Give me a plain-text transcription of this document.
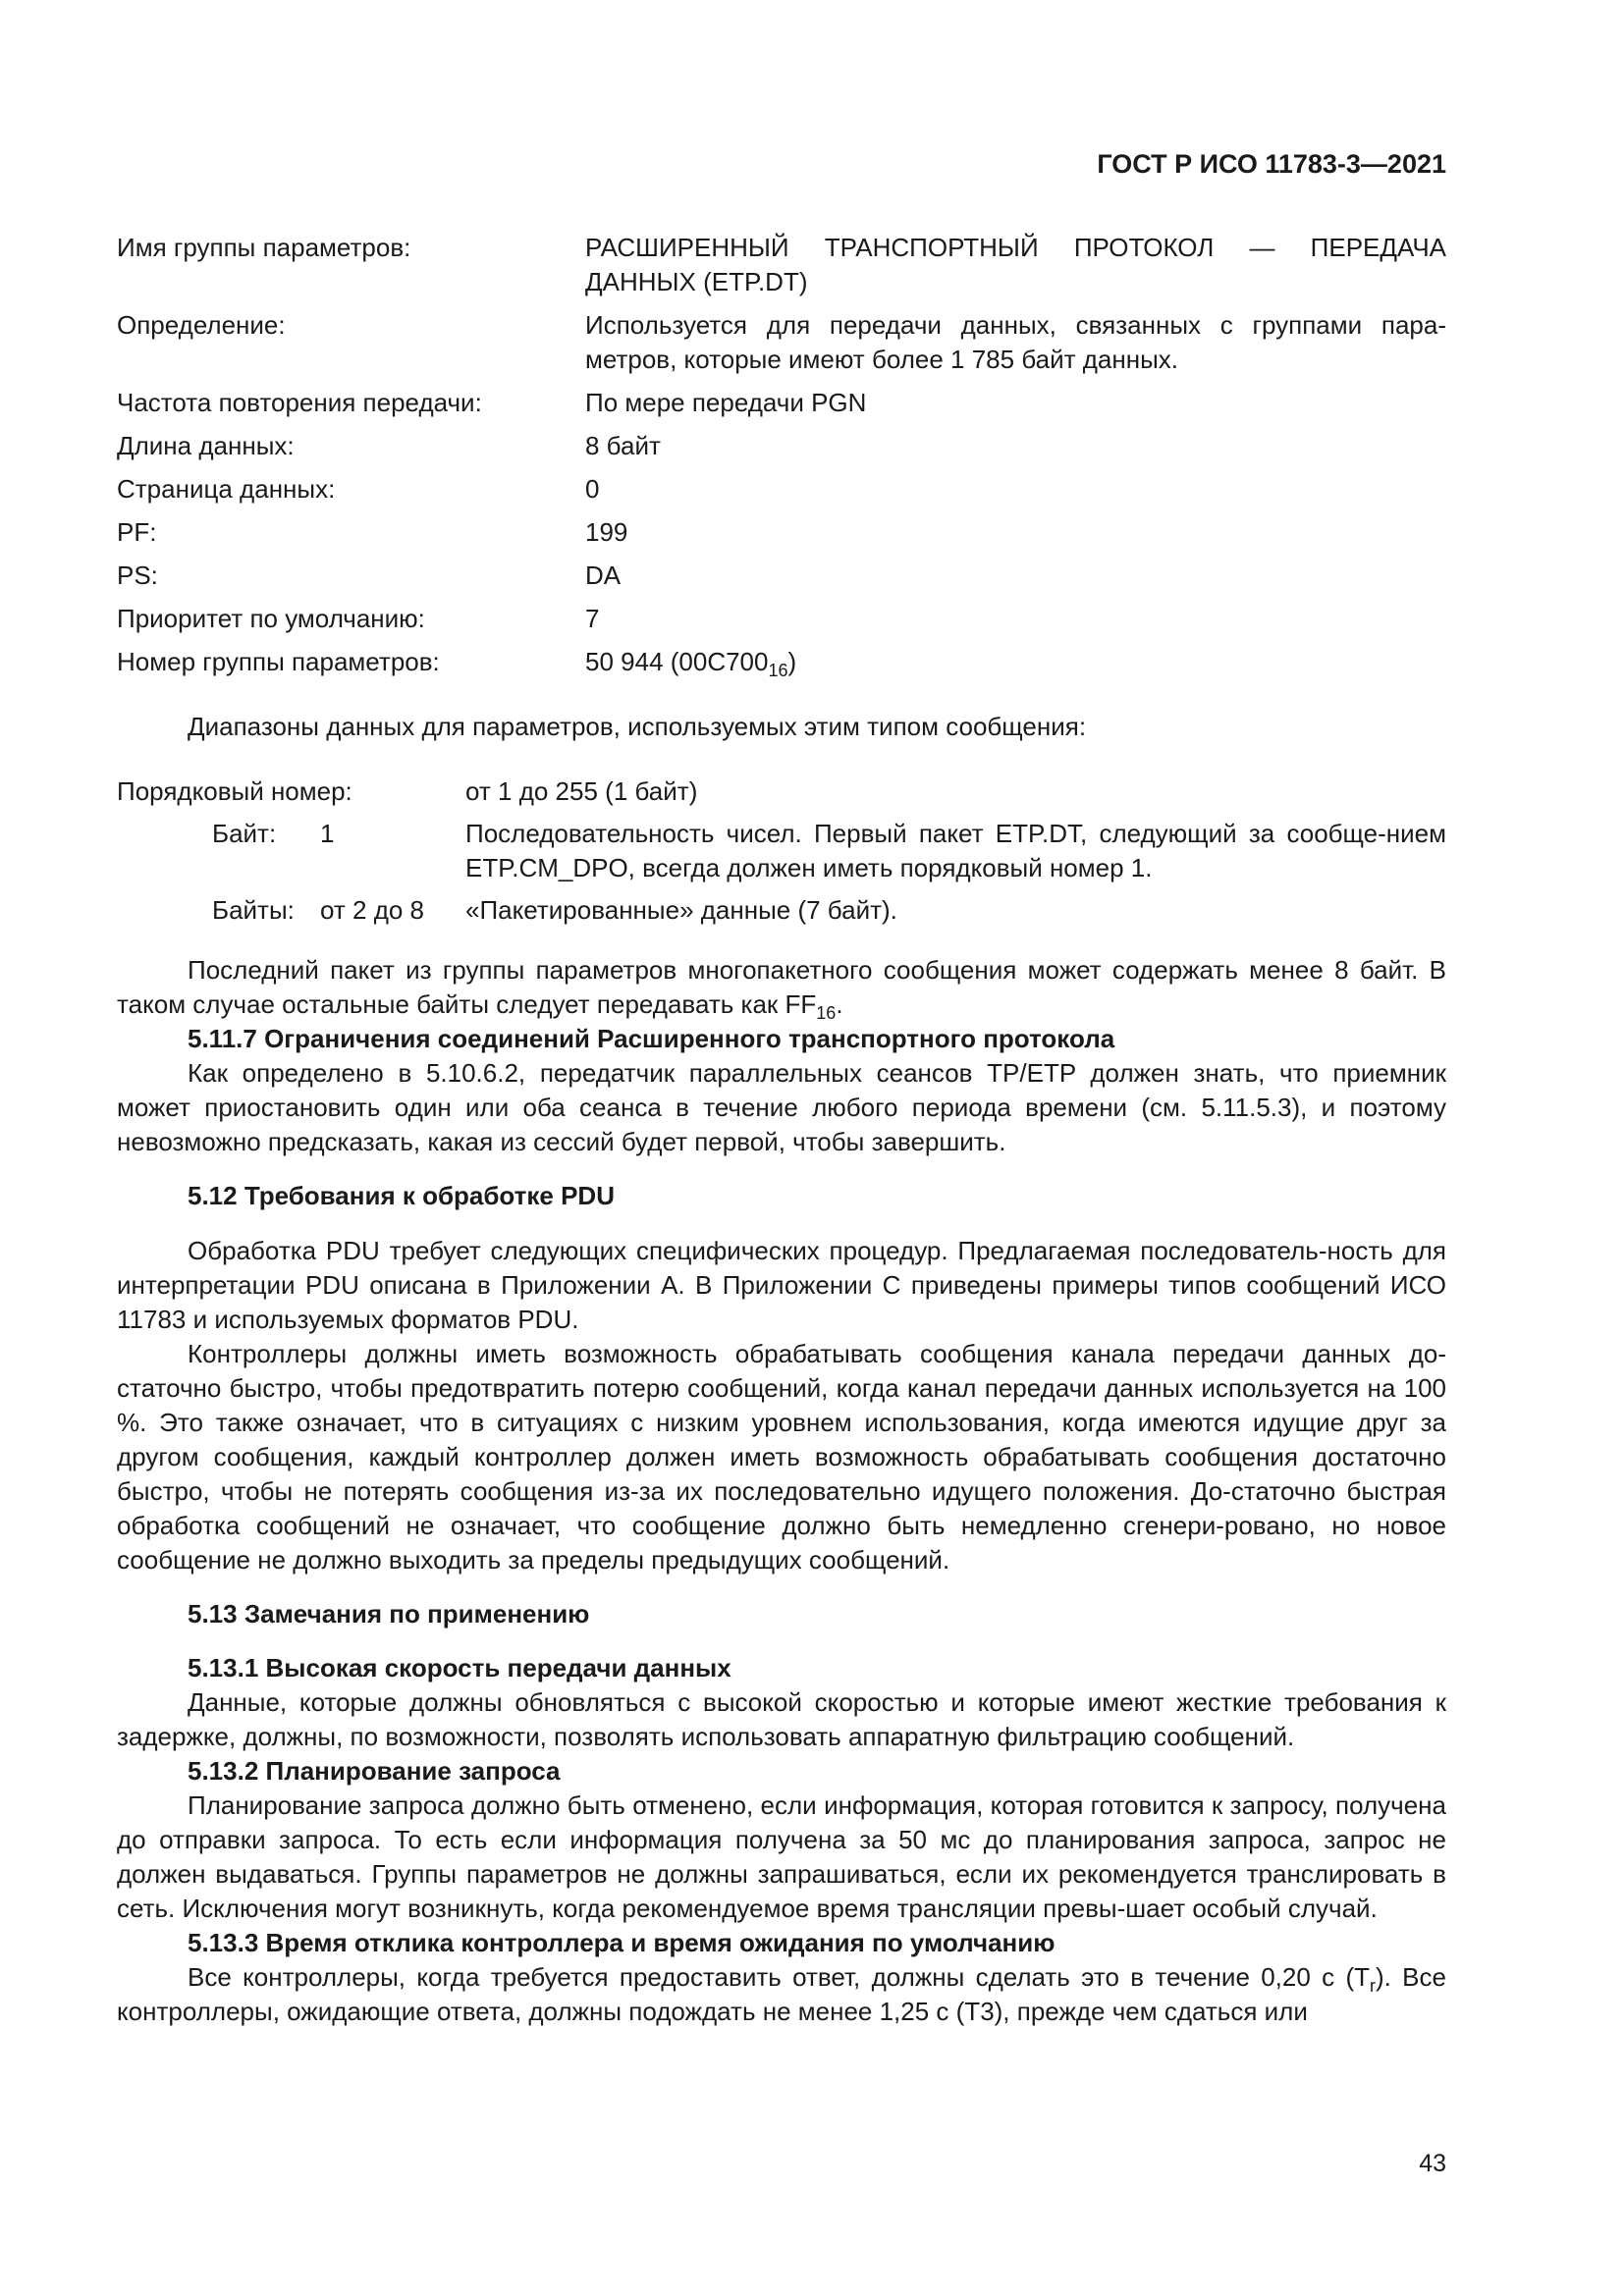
ГОСТ Р ИСО 11783-3—2021
Имя группы параметров:	РАСШИРЕННЫЙ ТРАНСПОРТНЫЙ ПРОТОКОЛ — ПЕРЕДАЧА ДАННЫХ (ETP.DT)
Определение:	Используется для передачи данных, связанных с группами пара-метров, которые имеют более 1 785 байт данных.
Частота повторения передачи:	По мере передачи PGN
Длина данных:	8 байт
Страница данных:	0
PF:	199
PS:	DA
Приоритет по умолчанию:	7
Номер группы параметров:	50 944 $(00C700_{16})$

Диапазоны данных для параметров, используемых этим типом сообщения:

Порядковый номер:	от 1 до 255 (1 байт)
Байт:	1	Последовательность чисел. Первый пакет ETP.DT, следующий за сообще-нием ETP.CM_DPO, всегда должен иметь порядковый номер 1.
Байты:	от 2 до 8	«Пакетированные» данные (7 байт).

Последний пакет из группы параметров многопакетного сообщения может содержать менее 8 байт. В таком случае остальные байты следует передавать как $FF_{16}$.

5.11.7 Ограничения соединений Расширенного транспортного протокола

Как определено в 5.10.6.2, передатчик параллельных сеансов TP/ETP должен знать, что приемник может приостановить один или оба сеанса в течение любого периода времени (см. 5.11.5.3), и поэтому невозможно предсказать, какая из сессий будет первой, чтобы завершить.

5.12 Требования к обработке PDU

Обработка PDU требует следующих специфических процедур. Предлагаемая последователь-ность для интерпретации PDU описана в Приложении А. В Приложении С приведены примеры типов сообщений ИСО 11783 и используемых форматов PDU.

Контроллеры должны иметь возможность обрабатывать сообщения канала передачи данных до-статочно быстро, чтобы предотвратить потерю сообщений, когда канал передачи данных используется на 100 %. Это также означает, что в ситуациях с низким уровнем использования, когда имеются идущие друг за другом сообщения, каждый контроллер должен иметь возможность обрабатывать сообщения достаточно быстро, чтобы не потерять сообщения из-за их последовательно идущего положения. До-статочно быстрая обработка сообщений не означает, что сообщение должно быть немедленно сгенери-ровано, но новое сообщение не должно выходить за пределы предыдущих сообщений.

5.13 Замечания по применению

5.13.1 Высокая скорость передачи данных

Данные, которые должны обновляться с высокой скоростью и которые имеют жесткие требования к задержке, должны, по возможности, позволять использовать аппаратную фильтрацию сообщений.

5.13.2 Планирование запроса

Планирование запроса должно быть отменено, если информация, которая готовится к запросу, получена до отправки запроса. То есть если информация получена за 50 мс до планирования запроса, запрос не должен выдаваться. Группы параметров не должны запрашиваться, если их рекомендуется транслировать в сеть. Исключения могут возникнуть, когда рекомендуемое время трансляции превы-шает особый случай.

5.13.3 Время отклика контроллера и время ожидания по умолчанию

Все контроллеры, когда требуется предоставить ответ, должны сделать это в течение 0,20 с $(T_r)$. Все контроллеры, ожидающие ответа, должны подождать не менее 1,25 с (T3), прежде чем сдаться или

43
